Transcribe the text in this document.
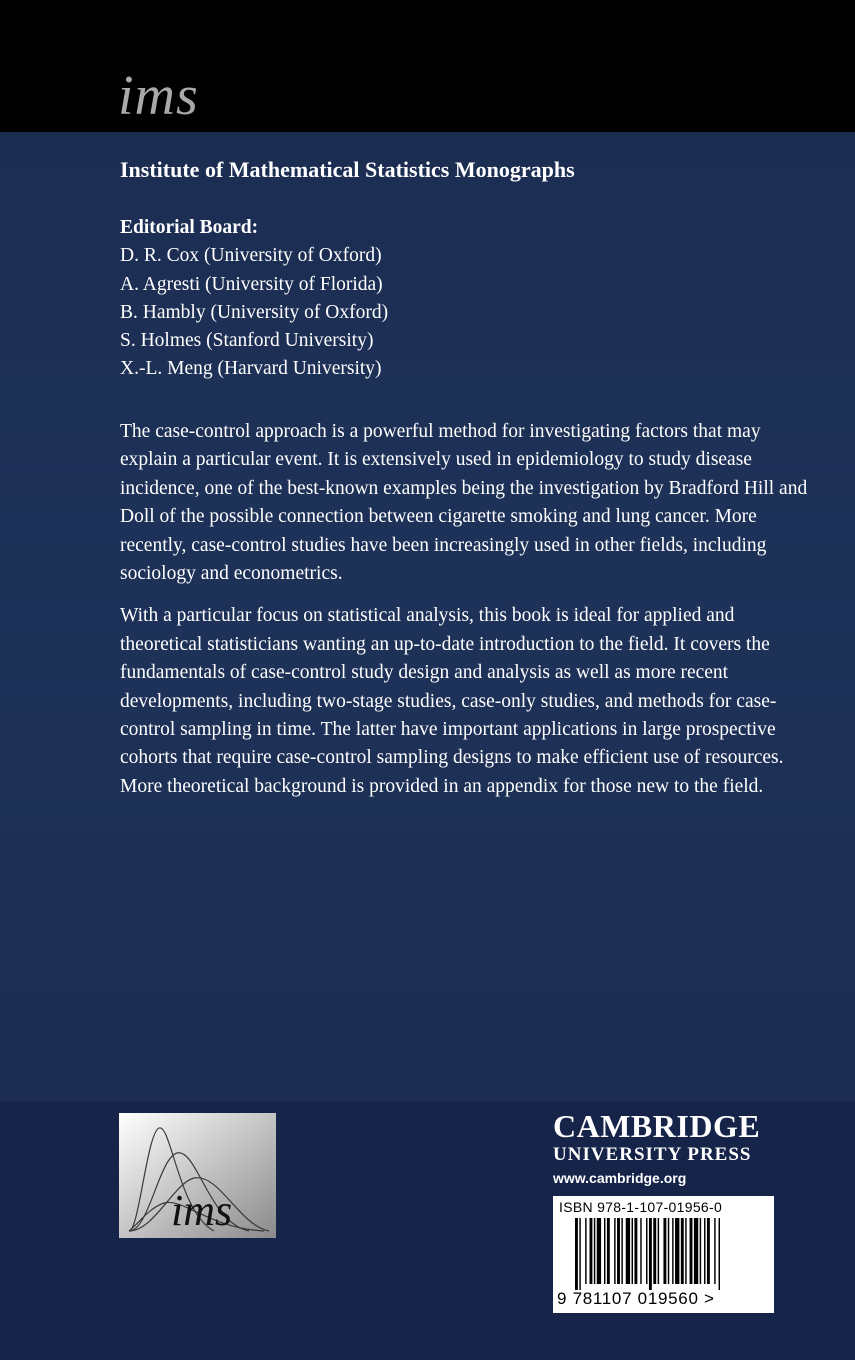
ims
Institute of Mathematical Statistics Monographs
Editorial Board:
D. R. Cox (University of Oxford)
A. Agresti (University of Florida)
B. Hambly (University of Oxford)
S. Holmes (Stanford University)
X.-L. Meng (Harvard University)

The case-control approach is a powerful method for investigating factors that may explain a particular event. It is extensively used in epidemiology to study disease incidence, one of the best-known examples being the investigation by Bradford Hill and Doll of the possible connection between cigarette smoking and lung cancer. More recently, case-control studies have been increasingly used in other fields, including sociology and econometrics.

With a particular focus on statistical analysis, this book is ideal for applied and theoretical statisticians wanting an up-to-date introduction to the field. It covers the fundamentals of case-control study design and analysis as well as more recent developments, including two-stage studies, case-only studies, and methods for case-control sampling in time. The latter have important applications in large prospective cohorts that require case-control sampling designs to make efficient use of resources. More theoretical background is provided in an appendix for those new to the field.

ims
CAMBRIDGE
UNIVERSITY PRESS
www.cambridge.org
ISBN 978-1-107-01956-0
9 781107 019560 >
